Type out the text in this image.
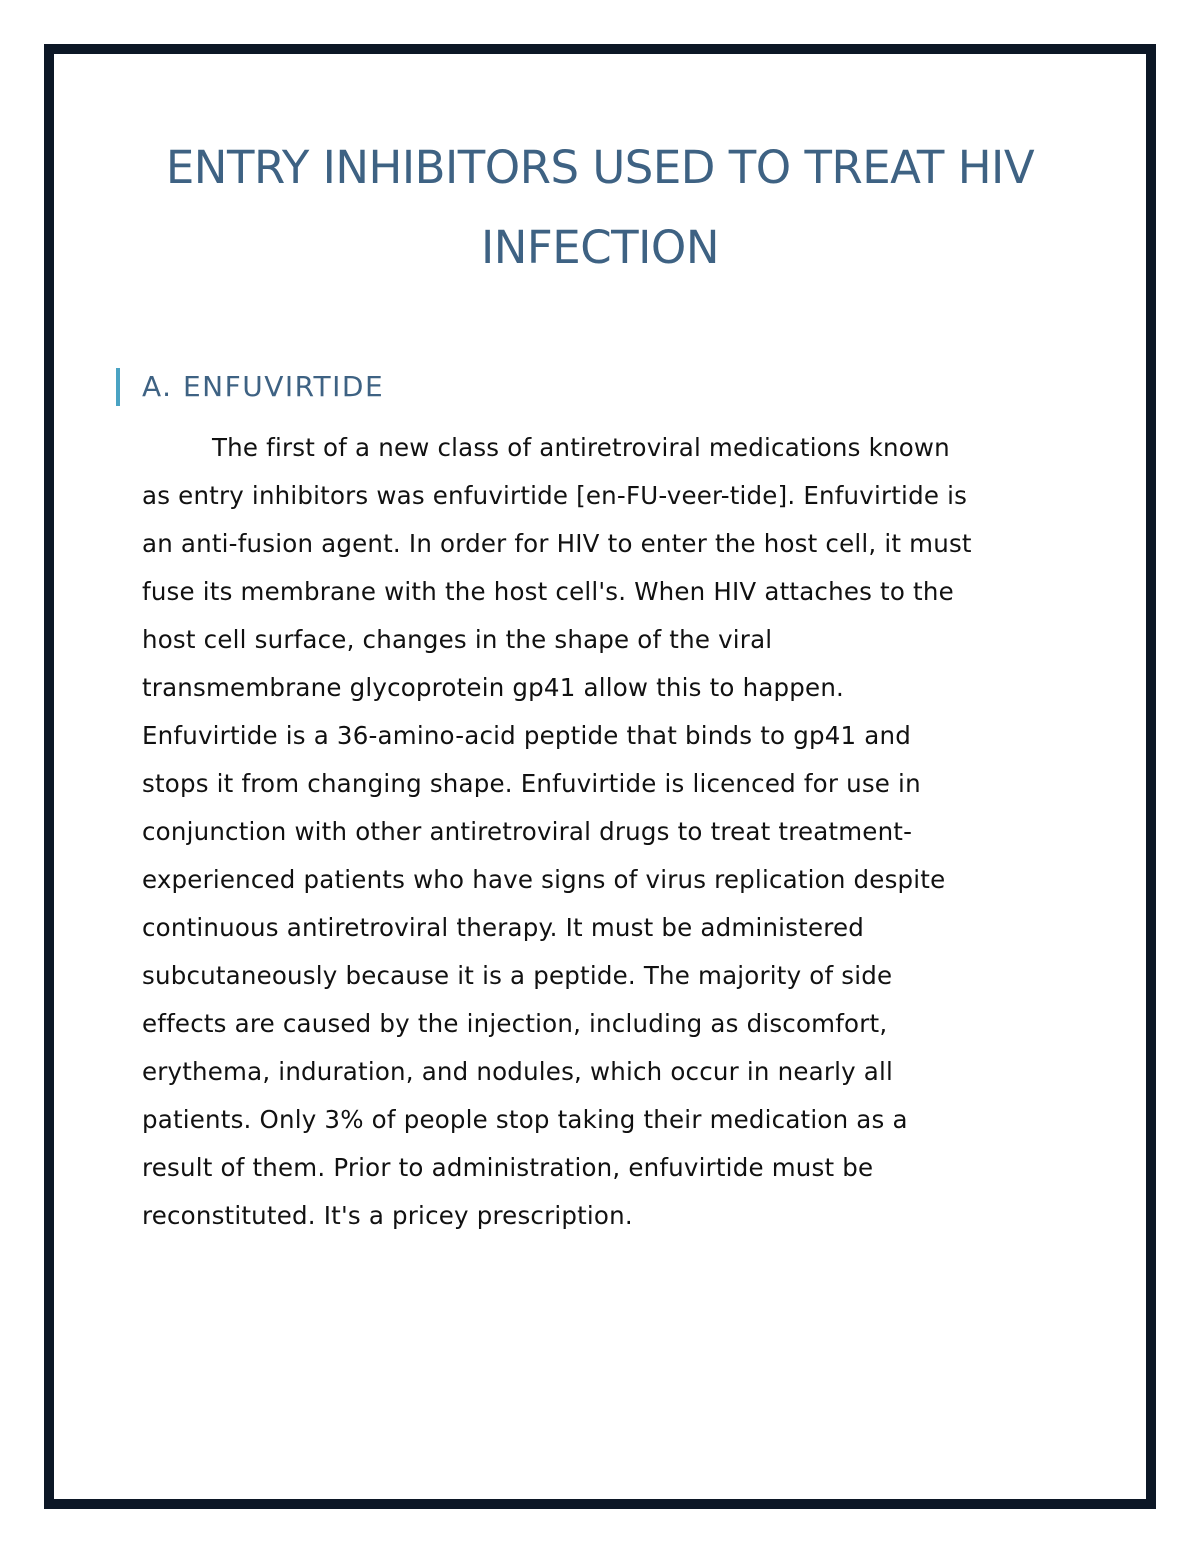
ENTRY INHIBITORS USED TO TREAT HIV
INFECTION
A. ENFUVIRTIDE

The first of a new class of antiretroviral medications known
as entry inhibitors was enfuvirtide [en-FU-veer-tide]. Enfuvirtide is
an anti-fusion agent. In order for HIV to enter the host cell, it must
fuse its membrane with the host cell's. When HIV attaches to the
host cell surface, changes in the shape of the viral
transmembrane glycoprotein gp41 allow this to happen.
Enfuvirtide is a 36-amino-acid peptide that binds to gp41 and
stops it from changing shape. Enfuvirtide is licenced for use in
conjunction with other antiretroviral drugs to treat treatment-
experienced patients who have signs of virus replication despite
continuous antiretroviral therapy. It must be administered
subcutaneously because it is a peptide. The majority of side
effects are caused by the injection, including as discomfort,
erythema, induration, and nodules, which occur in nearly all
patients. Only 3% of people stop taking their medication as a
result of them. Prior to administration, enfuvirtide must be
reconstituted. It's a pricey prescription.
